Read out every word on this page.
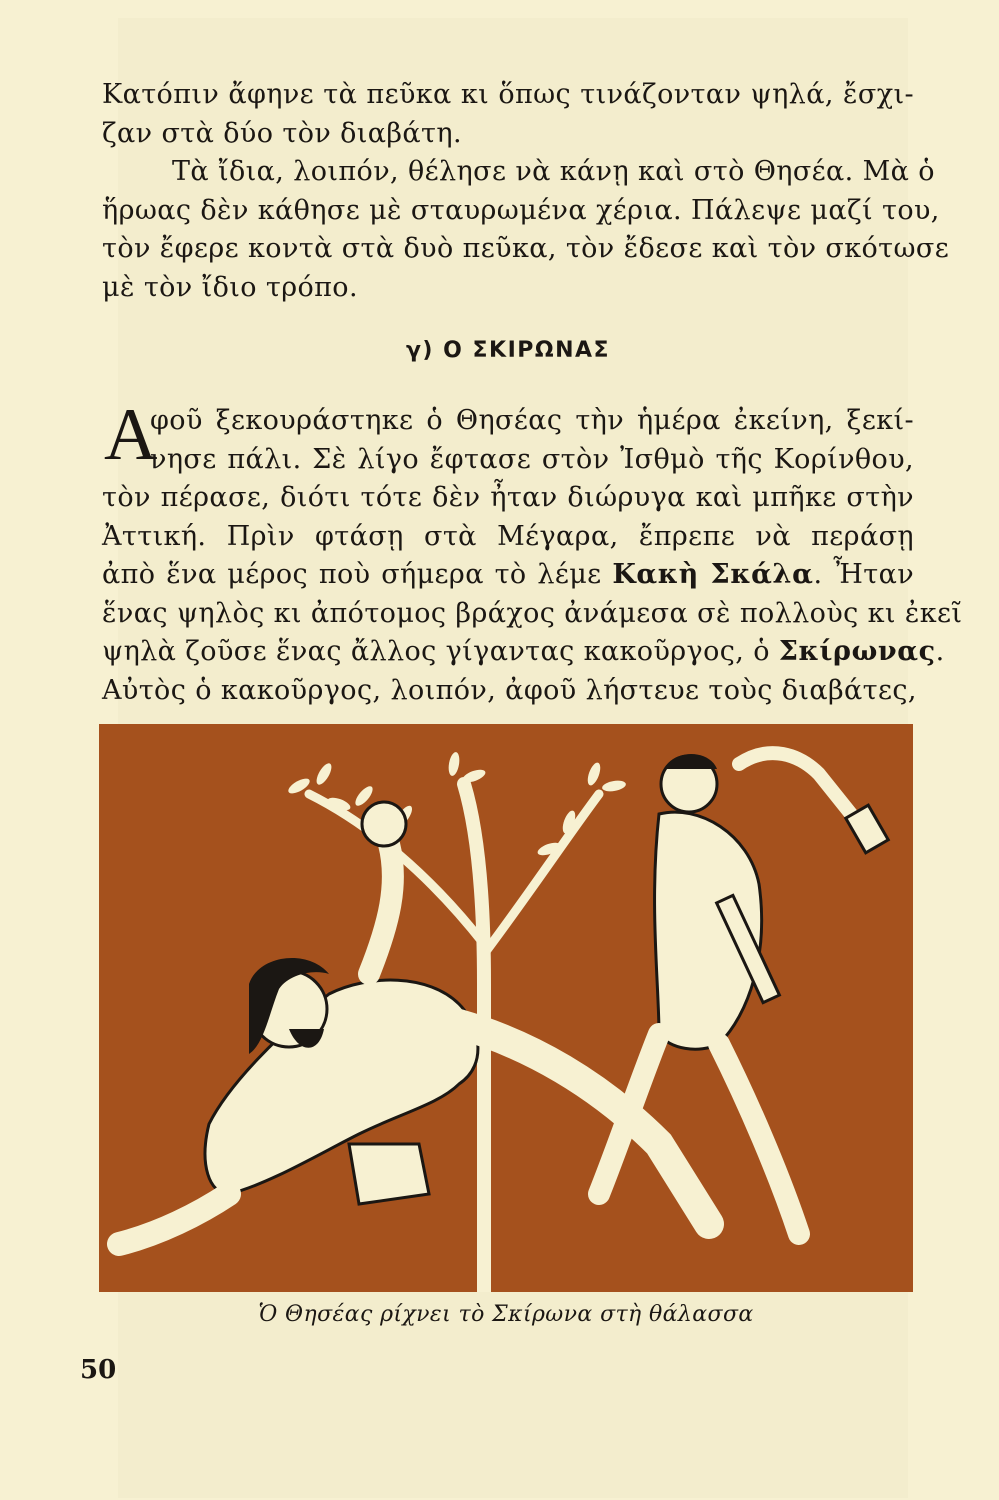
Κατόπιν ἄφηνε τὰ πεῦκα κι ὅπως τινάζονταν ψηλά, ἔσχι-
ζαν στὰ δύο τὸν διαβάτη.
Τὰ ἴδια, λοιπόν, θέλησε νὰ κάνῃ καὶ στὸ Θησέα. Μὰ ὁ
ἥρωας δὲν κάθησε μὲ σταυρωμένα χέρια. Πάλεψε μαζί του,
τὸν ἔφερε κοντὰ στὰ δυὸ πεῦκα, τὸν ἔδεσε καὶ τὸν σκότωσε
μὲ τὸν ἴδιο τρόπο.
γ) Ο ΣΚΙΡΩΝΑΣ
Α
φοῦ ξεκουράστηκε ὁ Θησέας τὴν ἡμέρα ἐκείνη, ξεκί-
νησε πάλι. Σὲ λίγο ἔφτασε στὸν Ἰσθμὸ τῆς Κορίνθου,
τὸν πέρασε, διότι τότε δὲν ἦταν διώρυγα καὶ μπῆκε στὴν
Ἀττική. Πρὶν φτάσῃ στὰ Μέγαρα, ἔπρεπε νὰ περάσῃ
ἀπὸ ἕνα μέρος ποὺ σήμερα τὸ λέμε Κακὴ Σκάλα. Ἦταν
ἕνας ψηλὸς κι ἀπότομος βράχος ἀνάμεσα σὲ πολλοὺς κι ἐκεῖ
ψηλὰ ζοῦσε ἕνας ἄλλος γίγαντας κακοῦργος, ὁ Σκίρωνας.
Αὐτὸς ὁ κακοῦργος, λοιπόν, ἀφοῦ λήστευε τοὺς διαβάτες,
Ὁ Θησέας ρίχνει τὸ Σκίρωνα στὴ θάλασσα
50
